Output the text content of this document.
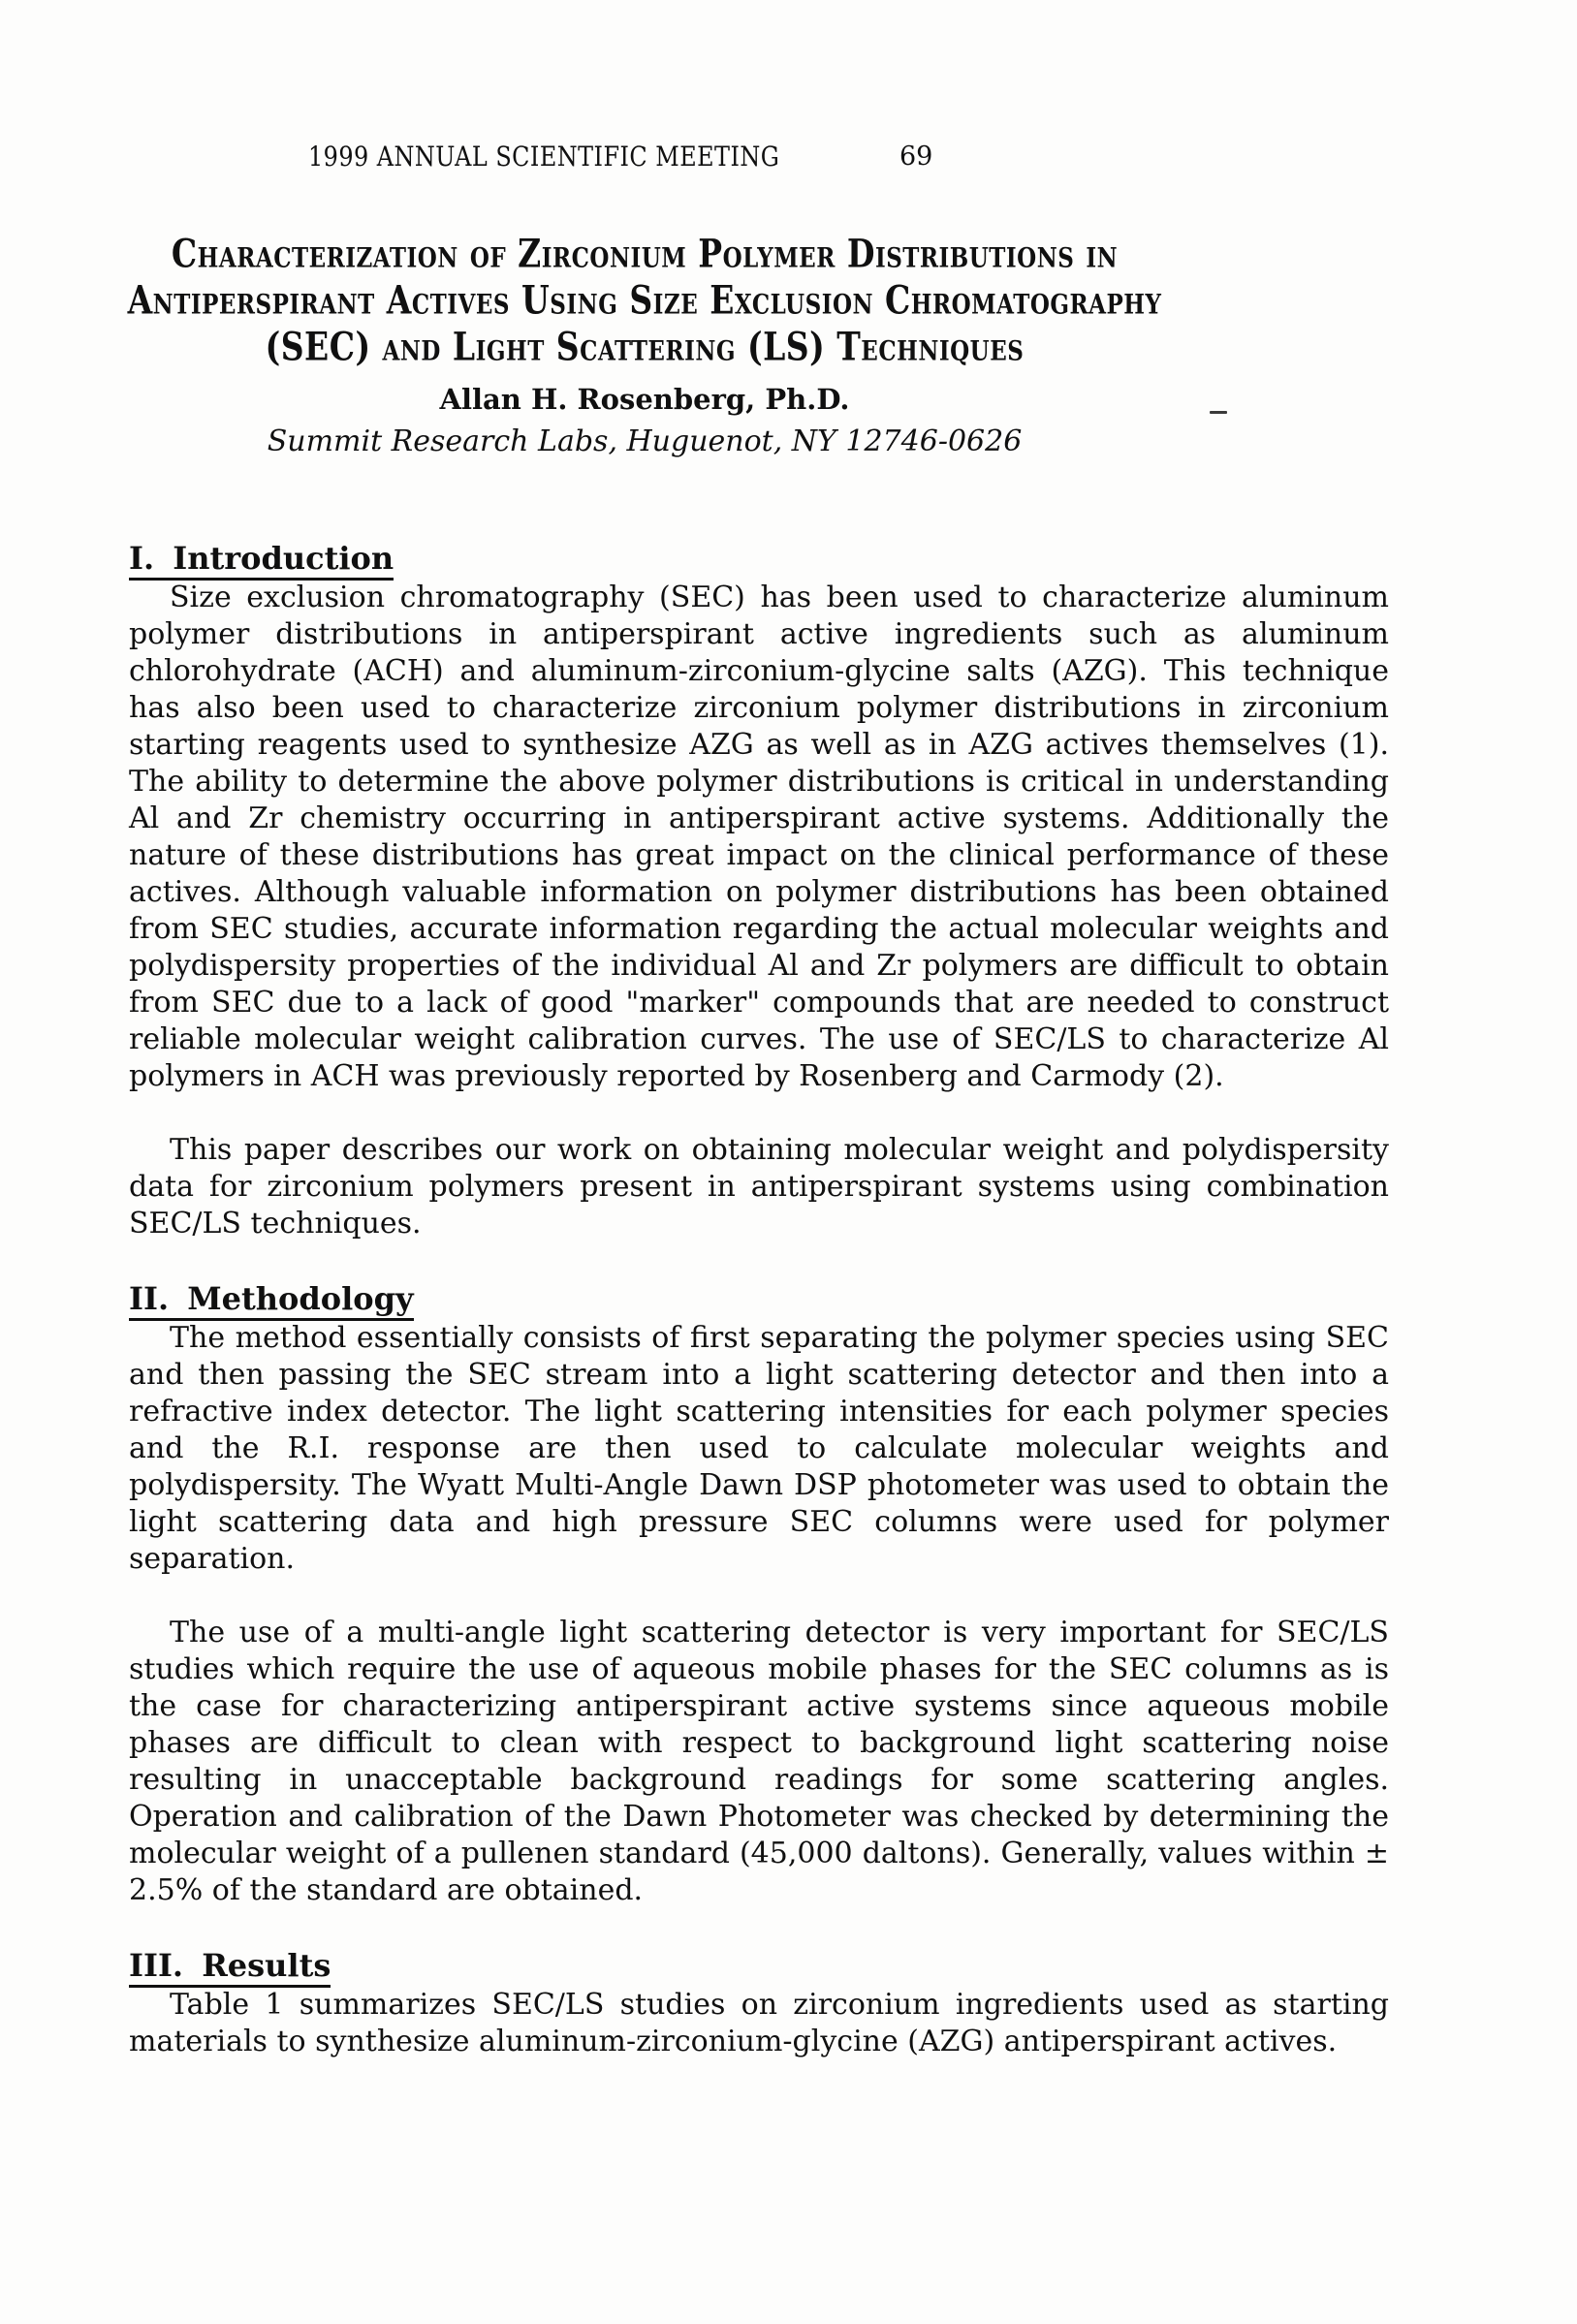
1999 ANNUAL SCIENTIFIC MEETING	69
Characterization of Zirconium Polymer Distributions in
Antiperspirant Actives Using Size Exclusion Chromatography
(SEC) and Light Scattering (LS) Techniques
Allan H. Rosenberg, Ph.D.
Summit Research Labs, Huguenot, NY 12746-0626
I. Introduction

Size exclusion chromatography (SEC) has been used to characterize aluminum polymer distributions in antiperspirant active ingredients such as aluminum chlorohydrate (ACH) and aluminum-zirconium-glycine salts (AZG). This technique has also been used to characterize zirconium polymer distributions in zirconium starting reagents used to synthesize AZG as well as in AZG actives themselves (1). The ability to determine the above polymer distributions is critical in understanding Al and Zr chemistry occurring in antiperspirant active systems. Additionally the nature of these distributions has great impact on the clinical performance of these actives. Although valuable information on polymer distributions has been obtained from SEC studies, accurate information regarding the actual molecular weights and polydispersity properties of the individual Al and Zr polymers are difficult to obtain from SEC due to a lack of good "marker" compounds that are needed to construct reliable molecular weight calibration curves. The use of SEC/LS to characterize Al polymers in ACH was previously reported by Rosenberg and Carmody (2).

This paper describes our work on obtaining molecular weight and polydispersity data for zirconium polymers present in antiperspirant systems using combination SEC/LS techniques.

II. Methodology

The method essentially consists of first separating the polymer species using SEC and then passing the SEC stream into a light scattering detector and then into a refractive index detector. The light scattering intensities for each polymer species and the R.I. response are then used to calculate molecular weights and polydispersity. The Wyatt Multi-Angle Dawn DSP photometer was used to obtain the light scattering data and high pressure SEC columns were used for polymer separation.

The use of a multi-angle light scattering detector is very important for SEC/LS studies which require the use of aqueous mobile phases for the SEC columns as is the case for characterizing antiperspirant active systems since aqueous mobile phases are difficult to clean with respect to background light scattering noise resulting in unacceptable background readings for some scattering angles. Operation and calibration of the Dawn Photometer was checked by determining the molecular weight of a pullenen standard (45,000 daltons). Generally, values within ± 2.5% of the standard are obtained.

III. Results

Table 1 summarizes SEC/LS studies on zirconium ingredients used as starting materials to synthesize aluminum-zirconium-glycine (AZG) antiperspirant actives.
